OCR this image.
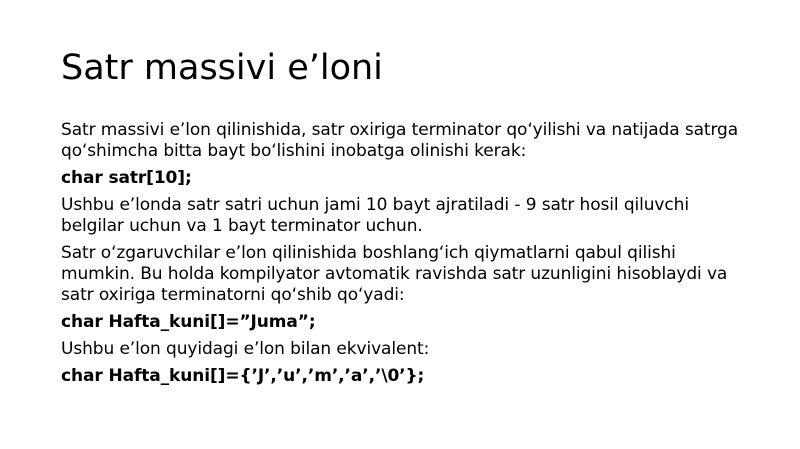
Satr massivi e’loni

Satr massivi e’lon qilinishida, satr oxiriga terminator qo‘yilishi va natijada satrga qo‘shimcha bitta bayt bo‘lishini inobatga olinishi kerak:

char satr[10];

Ushbu e’londa satr satri uchun jami 10 bayt ajratiladi - 9 satr hosil qiluvchi belgilar uchun va 1 bayt terminator uchun.

Satr o‘zgaruvchilar e’lon qilinishida boshlang‘ich qiymatlarni qabul qilishi mumkin. Bu holda kompilyator avtomatik ravishda satr uzunligini hisoblaydi va satr oxiriga terminatorni qo‘shib qo‘yadi:

char Hafta_kuni[]=”Juma”;

Ushbu e’lon quyidagi e’lon bilan ekvivalent:

char Hafta_kuni[]={’J’,’u’,’m’,’a’,’\0’};
